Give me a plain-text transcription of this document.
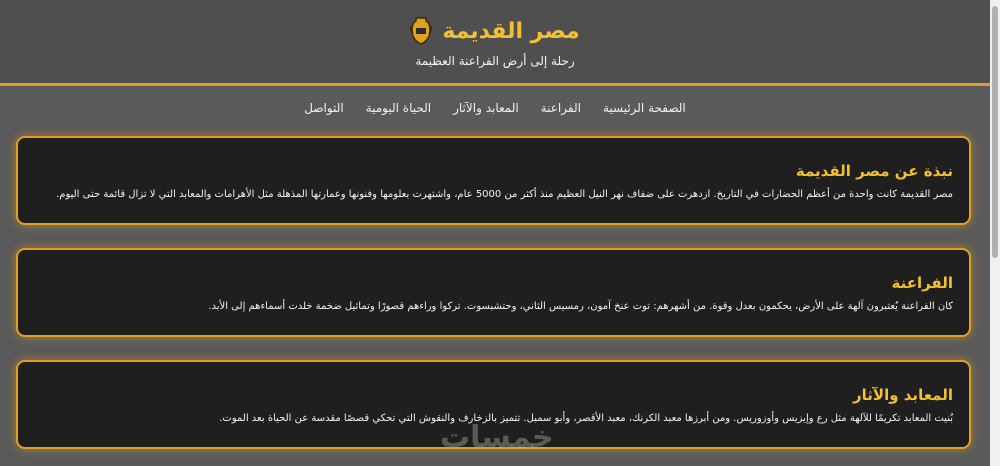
مصر القديمة
رحلة إلى أرض الفراعنة العظيمة
الصفحة الرئيسية
الفراعنة
المعابد والآثار
الحياة اليومية
التواصل
نبذة عن مصر القديمة

مصر القديمة كانت واحدة من أعظم الحضارات في التاريخ. ازدهرت على ضفاف نهر النيل العظيم منذ أكثر من 5000 عام، واشتهرت بعلومها وفنونها وعمارتها المذهلة مثل الأهرامات والمعابد التي لا تزال قائمة حتى اليوم.

الفراعنة

كان الفراعنة يُعتبرون آلهة على الأرض، يحكمون بعدل وقوة. من أشهرهم: توت عنخ آمون، رمسيس الثاني، وحتشبسوت. تركوا وراءهم قصورًا وتماثيل ضخمة خلدت أسماءهم إلى الأبد.

المعابد والآثار

بُنيت المعابد تكريمًا للآلهة مثل رع وإيزيس وأوزوريس. ومن أبرزها معبد الكرنك، معبد الأقصر، وأبو سمبل. تتميز بالزخارف والنقوش التي تحكي قصصًا مقدسة عن الحياة بعد الموت.

خمسات
